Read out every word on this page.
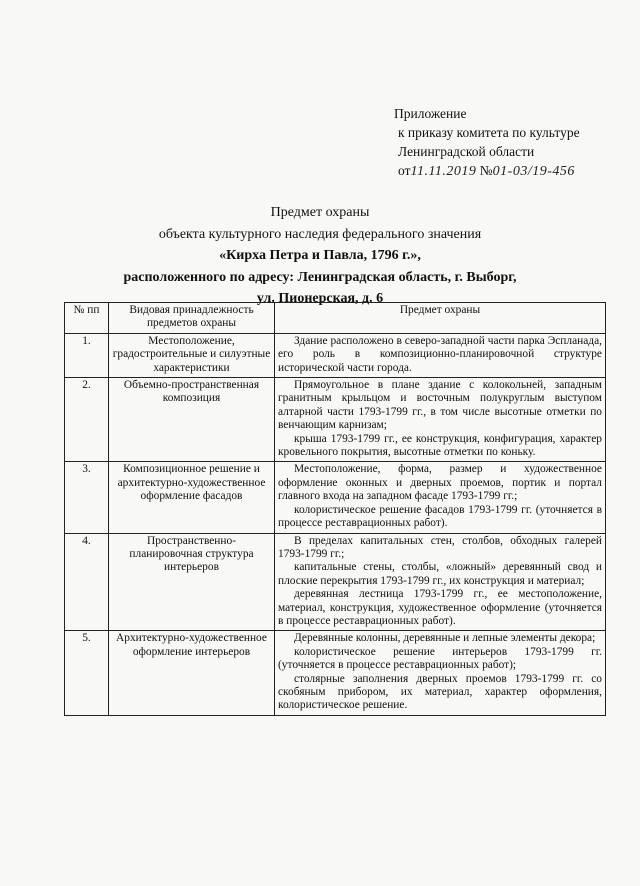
Приложение
к приказу комитета по культуре
Ленинградской области
от11.11.2019 №01-03/19-456
Предмет охраны
объекта культурного наследия федерального значения
«Кирха Петра и Павла, 1796 г.»,
расположенного по адресу: Ленинградская область, г. Выборг,
ул. Пионерская, д. 6
№ пп	Видовая принадлежность предметов охраны	Предмет охраны
1.	Местоположение, градостроительные и силуэтные характеристики	Здание расположено в северо-западной части парка Эспланада, его роль в композиционно-планировочной структуре исторической части города.

2.	Объемно-пространственная композиция	Прямоугольное в плане здание с колокольней, западным гранитным крыльцом и восточным полукруглым выступом алтарной части 1793-1799 гг., в том числе высотные отметки по венчающим карнизам;

крыша 1793-1799 гг., ее конструкция, конфигурация, характер кровельного покрытия, высотные отметки по коньку.

3.	Композиционное решение и архитектурно-художественное оформление фасадов	Местоположение, форма, размер и художественное оформление оконных и дверных проемов, портик и портал главного входа на западном фасаде 1793-1799 гг.;

колористическое решение фасадов 1793-1799 гг. (уточняется в процессе реставрационных работ).

4.	Пространственно-планировочная структура интерьеров	В пределах капитальных стен, столбов, обходных галерей 1793-1799 гг.;

капитальные стены, столбы, «ложный» деревянный свод и плоские перекрытия 1793-1799 гг., их конструкция и материал;

деревянная лестница 1793-1799 гг., ее местоположение, материал, конструкция, художественное оформление (уточняется в процессе реставрационных работ).

5.	Архитектурно-художественное оформление интерьеров	Деревянные колонны, деревянные и лепные элементы декора;

колористическое решение интерьеров 1793-1799 гг. (уточняется в процессе реставрационных работ);

столярные заполнения дверных проемов 1793-1799 гг. со скобяным прибором, их материал, характер оформления, колористическое решение.
